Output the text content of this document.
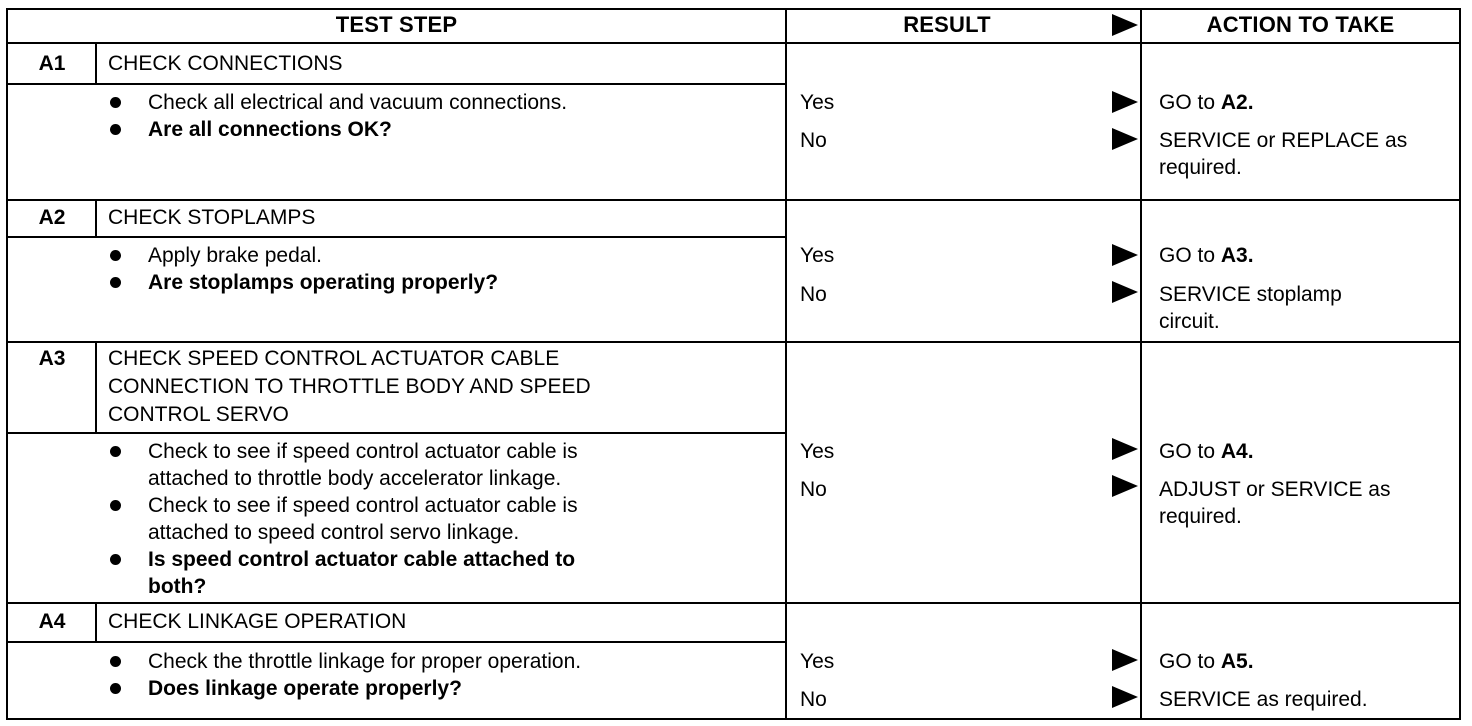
TEST STEP	RESULT	ACTION TO TAKE
A1	CHECK CONNECTIONS
Check all electrical and vacuum connections.
Are all connections OK?
Yes	GO to A2.
No	SERVICE or REPLACE as
required.
A2	CHECK STOPLAMPS
Apply brake pedal.
Are stoplamps operating properly?
Yes	GO to A3.
No	SERVICE stoplamp
circuit.
A3	CHECK SPEED CONTROL ACTUATOR CABLE
CONNECTION TO THROTTLE BODY AND SPEED
CONTROL SERVO
Check to see if speed control actuator cable is
attached to throttle body accelerator linkage.
Check to see if speed control actuator cable is
attached to speed control servo linkage.
Is speed control actuator cable attached to
both?
Yes	GO to A4.
No	ADJUST or SERVICE as
required.
A4	CHECK LINKAGE OPERATION
Check the throttle linkage for proper operation.
Does linkage operate properly?
Yes	GO to A5.
No	SERVICE as required.
